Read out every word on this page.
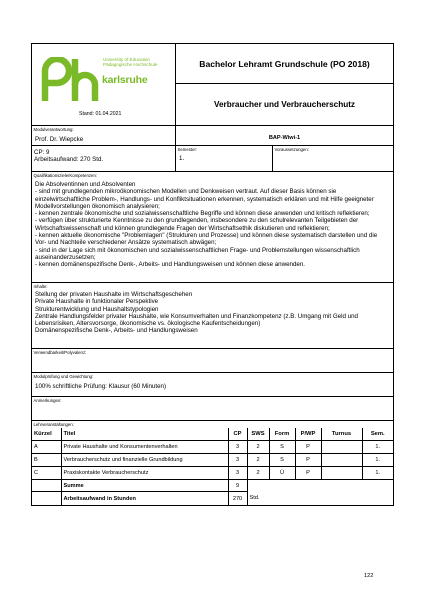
University of Education
Pädagogische Hochschule
karlsruhe
Stand: 01.04.2021
Bachelor Lehramt Grundschule (PO 2018)
Verbraucher und Verbraucherschutz
Modulverantwortung:
Prof. Dr. Wiepcke	BAP-Wiwi-1
CP: 9
Arbeitsaufwand: 270 Std.
Semester:
1.
Voraussetzungen:
Qualifikationsziele/Kompetenzen:
Die Absolventinnen und Absolventen
- sind mit grundlegenden mikroökonomischen Modellen und Denkweisen vertraut. Auf dieser Basis können sie
einzelwirtschaftliche Problem-, Handlungs- und Konfliktsituationen erkennen, systematisch erklären und mit Hilfe geeigneter
Modellvorstellungen ökonomisch analysieren;
- kennen zentrale ökonomische und sozialwissenschaftliche Begriffe und können diese anwenden und kritisch reflektieren;
- verfügen über strukturierte Kenntnisse zu den grundlegenden, insbesondere zu den schulrelevanten Teilgebieten der
Wirtschaftswissenschaft und können grundlegende Fragen der Wirtschaftsethik diskutieren und reflektieren;
- kennen aktuelle ökonomische "Problemlagen" (Strukturen und Prozesse) und können diese systematisch darstellen und die
Vor- und Nachteile verschiedener Ansätze systematisch abwägen;
- sind in der Lage sich mit ökonomischen und sozialwissenschaftlichen Frage- und Problemstellungen wissenschaftlich
auseinanderzusetzen;
- kennen domänenspezifische Denk-, Arbeits- und Handlungsweisen und können diese anwenden.
Inhalte:
Stellung der privaten Haushalte im Wirtschaftsgeschehen
Private Haushalte in funktionaler Perspektive
Strukturentwicklung und Haushaltstypologien
Zentrale Handlungsfelder privater Haushalte, wie Konsumverhalten und Finanzkompetenz (z.B. Umgang mit Geld und
Lebensrisiken, Altersvorsorge, ökonomische vs. ökologische Kaufentscheidungen)
Domänenspezifische Denk-, Arbeits- und Handlungsweisen
Verwendbarkeit/Polyvalenz:
Modulprüfung und Gewichtung:
100% schriftliche Prüfung: Klausur (60 Minuten)
Anmerkungen:
Lehrveranstaltungen:
Kürzel	Titel	CP	SWS	Form	P/WP	Turnus	Sem.
A	Private Haushalte und Konsumentenverhalten	3	2	S	P		1.
B	Verbraucherschutz und finanzielle Grundbildung	3	2	S	P		1.
C	Praxiskontakte Verbraucherschutz	3	2	Ü	P		1.
	Summe	9					
	Arbeitsaufwand in Stunden	270	Std.				
122
